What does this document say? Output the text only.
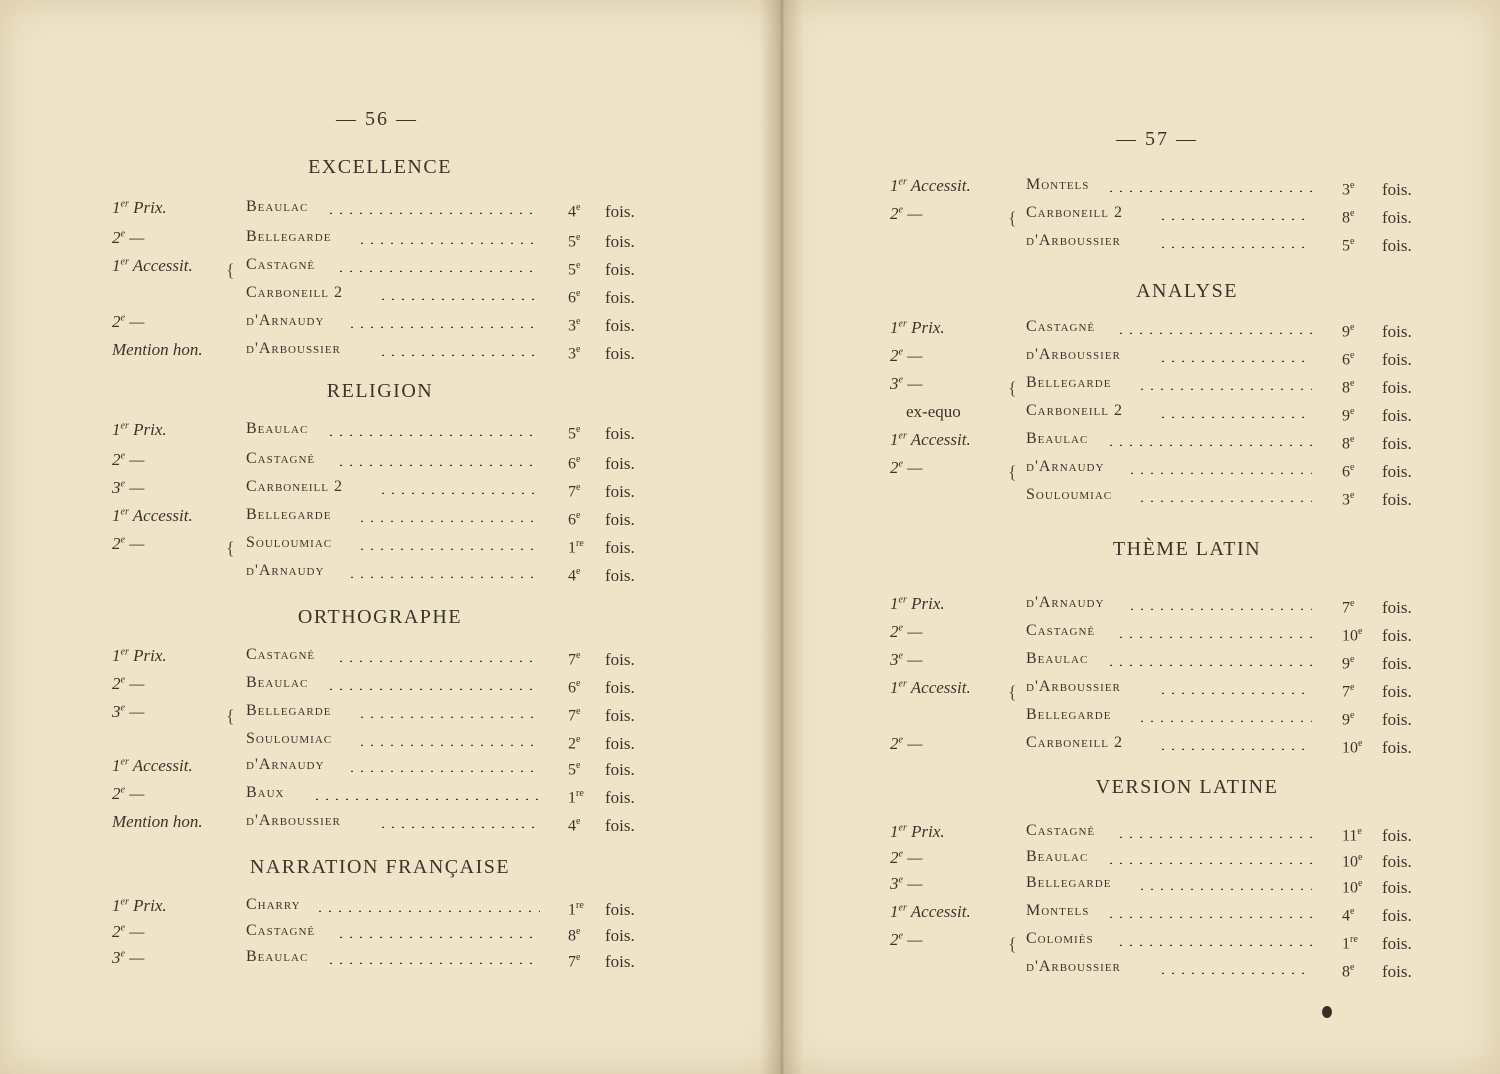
— 56 —
EXCELLENCE
1er Prix.	Beaulac	4e fois.
2e —	Bellegarde	5e fois.
1er Accessit. { Castagné	5e fois.
Carboneill 2	6e fois.
2e —	d'Arnaudy	3e fois.
Mention hon.	d'Arboussier	3e fois.
RELIGION
1er Prix.	Beaulac	5e fois.
2e —	Castagné	6e fois.
3e —	Carboneill 2	7e fois.
1er Accessit.	Bellegarde	6e fois.
2e —	{ Souloumiac	1re fois.
d'Arnaudy	4e fois.
ORTHOGRAPHE
1er Prix.	Castagné	7e fois.
2e —	Beaulac	6e fois.
3e —	{ Bellegarde	7e fois.
Souloumiac	2e fois.
1er Accessit.	d'Arnaudy	5e fois.
2e —	Baux	1re fois.
Mention hon.	d'Arboussier	4e fois.
NARRATION FRANÇAISE
1er Prix.	Charry	1re fois.
2e —	Castagné	8e fois.
3e —	Beaulac	7e fois.
— 57 —
1er Accessit.	Montels	3e fois.
2e —	{ Carboneill 2	8e fois.
d'Arboussier	5e fois.
ANALYSE
1er Prix.	Castagné	9e fois.
2e —	d'Arboussier	6e fois.
3e —	{ Bellegarde	8e fois.
ex-equo	Carboneill 2	9e fois.
1er Accessit.	Beaulac	8e fois.
2e —	{ d'Arnaudy	6e fois.
Souloumiac	3e fois.
THÈME LATIN
1er Prix.	d'Arnaudy	7e fois.
2e —	Castagné	10e fois.
3e —	Beaulac	9e fois.
1er Accessit. { d'Arboussier	7e fois.
Bellegarde	9e fois.
2e —	Carboneill 2	10e fois.
VERSION LATINE
1er Prix.	Castagné	11e fois.
2e —	Beaulac	10e fois.
3e —	Bellegarde	10e fois.
1er Accessit.	Montels	4e fois.
2e —	{ Colomiès	1re fois.
d'Arboussier	8e fois.
